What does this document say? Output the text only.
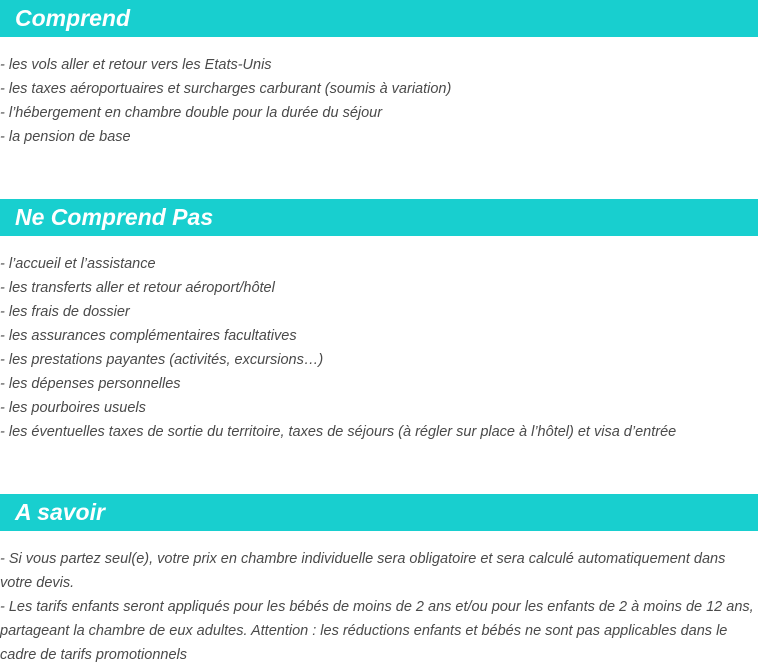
Comprend
- les vols aller et retour vers les Etats-Unis
- les taxes aéroportuaires et surcharges carburant (soumis à variation)
- l’hébergement en chambre double pour la durée du séjour
- la pension de base
Ne Comprend Pas
- l’accueil et l’assistance
- les transferts aller et retour aéroport/hôtel
- les frais de dossier
- les assurances complémentaires facultatives
- les prestations payantes (activités, excursions…)
- les dépenses personnelles
- les pourboires usuels
- les éventuelles taxes de sortie du territoire, taxes de séjours (à régler sur place à l’hôtel) et visa d’entrée
A savoir
- Si vous partez seul(e), votre prix en chambre individuelle sera obligatoire et sera calculé automatiquement dans votre devis.
- Les tarifs enfants seront appliqués pour les bébés de moins de 2 ans et/ou pour les enfants de 2 à moins de 12 ans, partageant la chambre de eux adultes. Attention : les réductions enfants et bébés ne sont pas applicables dans le cadre de tarifs promotionnels
